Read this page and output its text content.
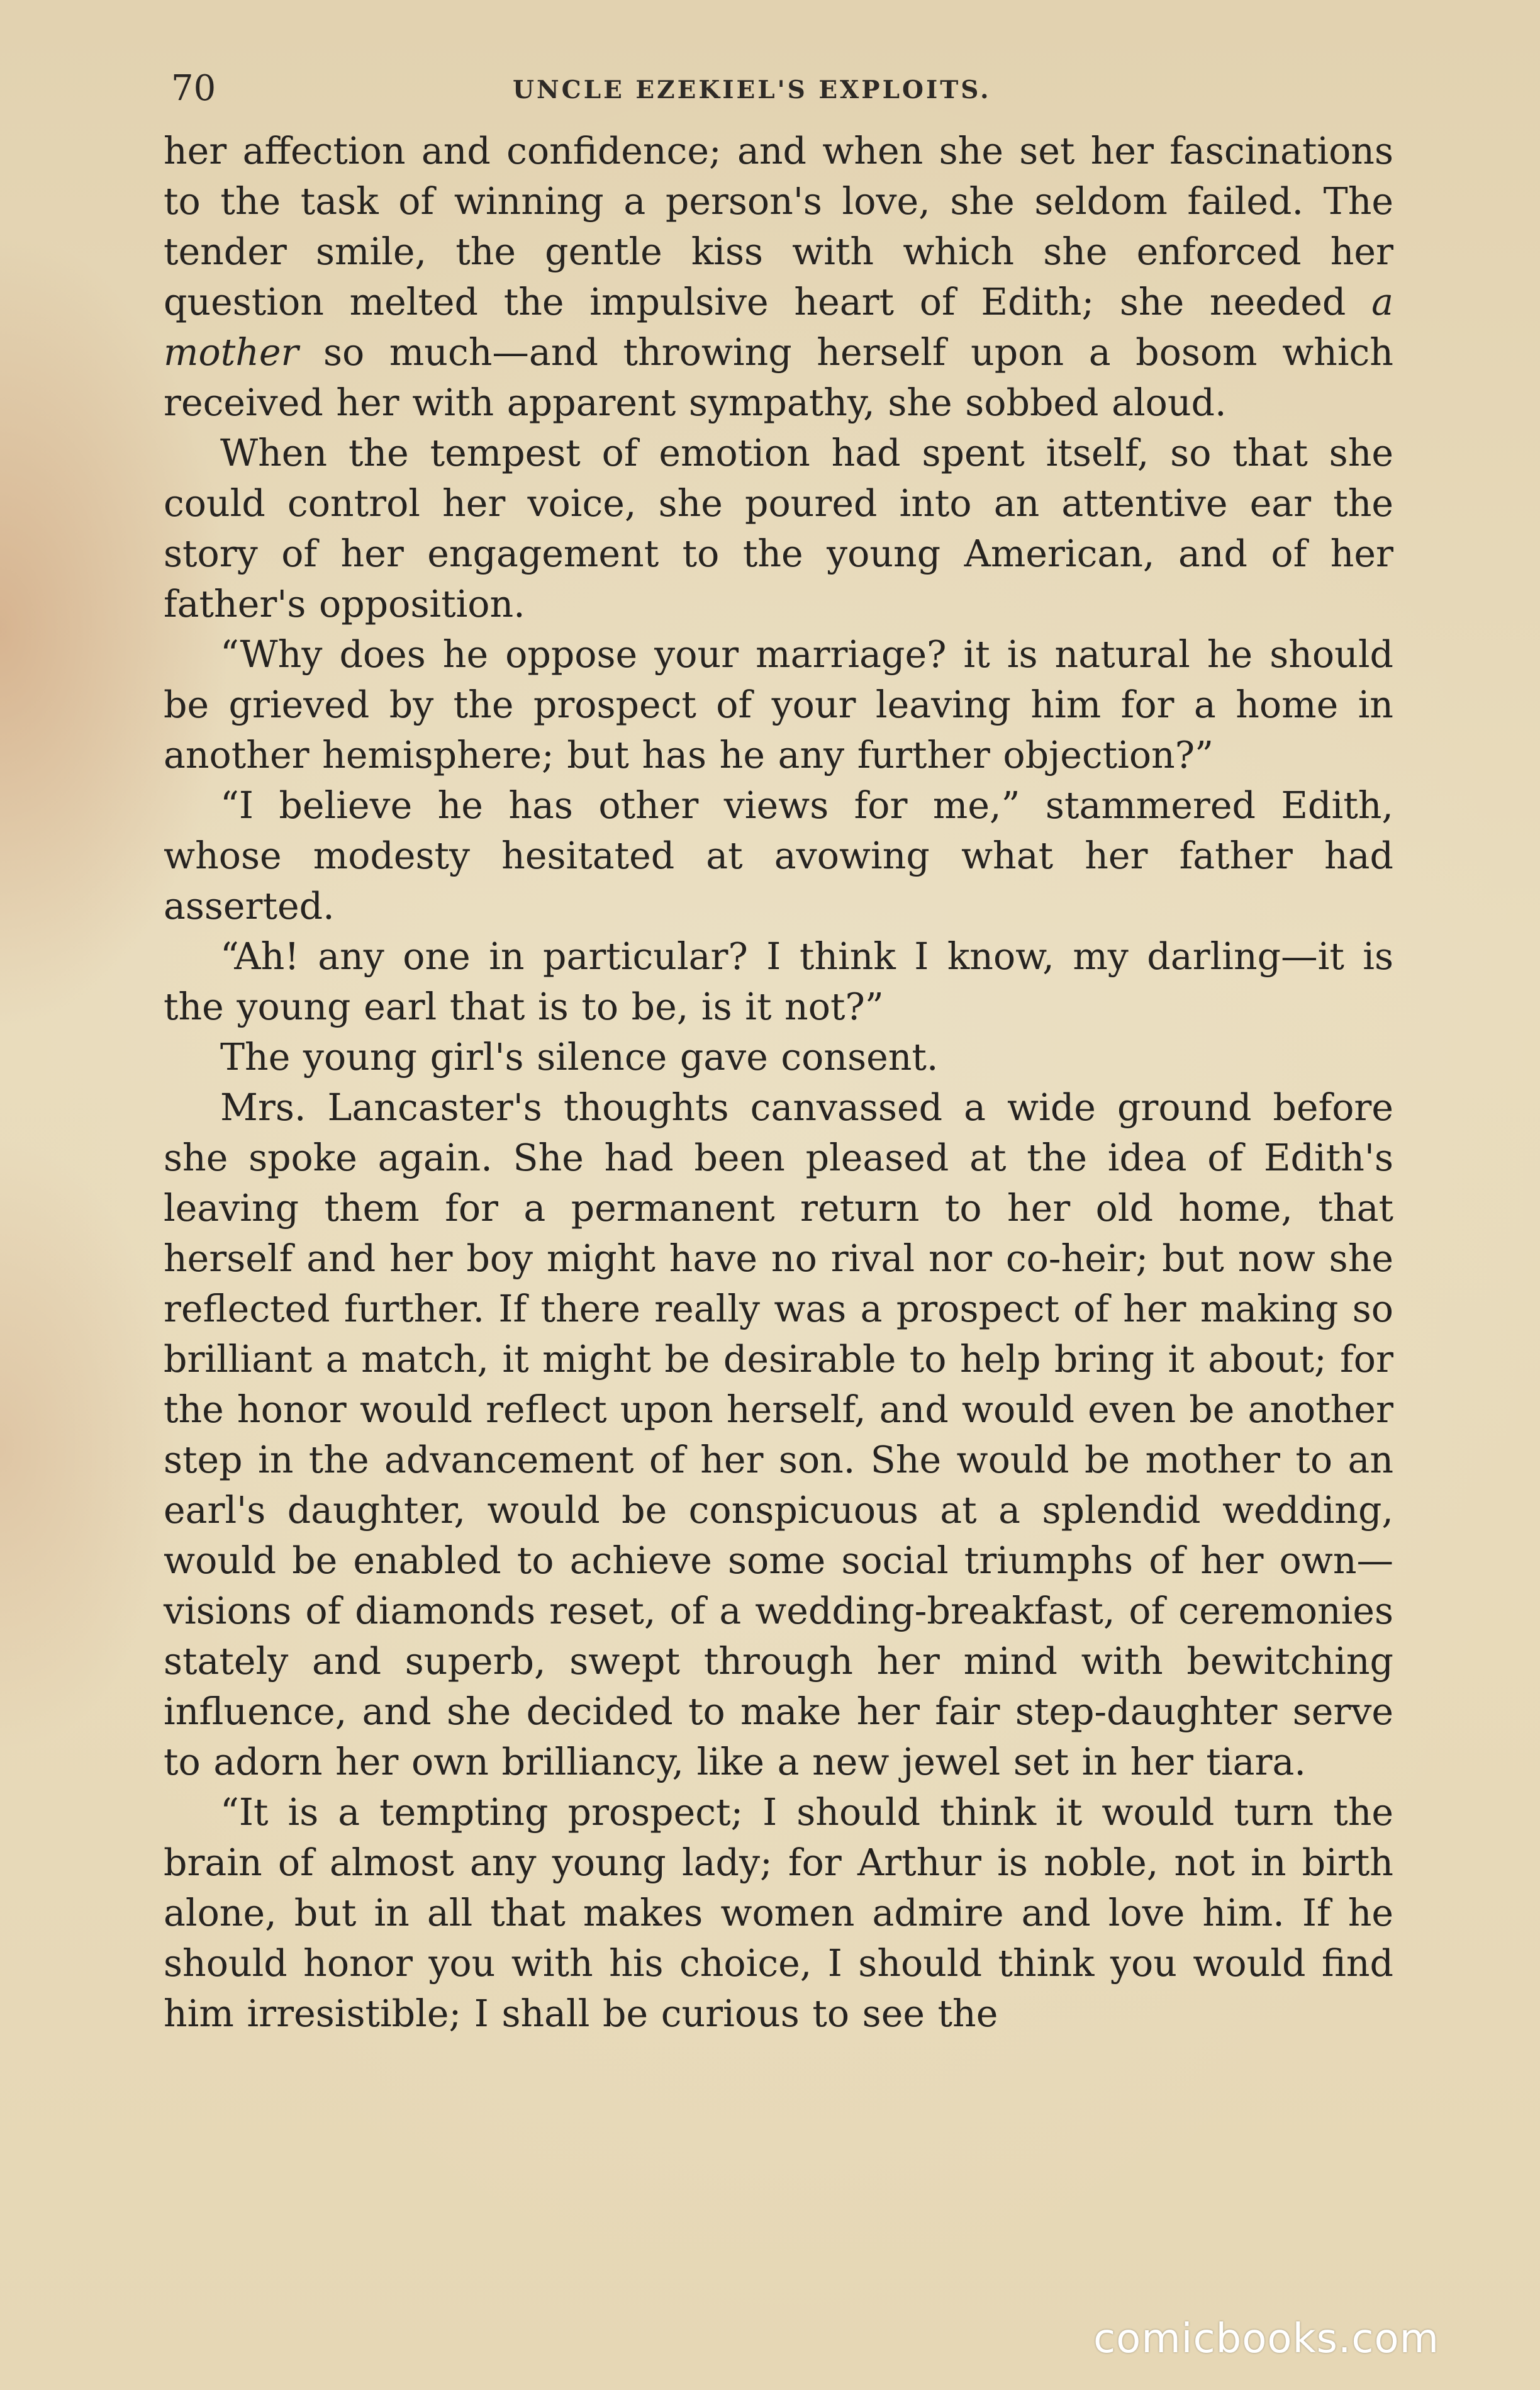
70	UNCLE EZEKIEL'S EXPLOITS.

her affection and confidence; and when she set her fascinations to the task of winning a person's love, she seldom failed. The tender smile, the gentle kiss with which she enforced her question melted the impulsive heart of Edith; she needed a mother so much—and throwing herself upon a bosom which received her with apparent sympathy, she sobbed aloud.

When the tempest of emotion had spent itself, so that she could control her voice, she poured into an attentive ear the story of her engagement to the young American, and of her father's opposition.

“Why does he oppose your marriage? it is natural he should be grieved by the prospect of your leaving him for a home in another hemisphere; but has he any further objection?”

“I believe he has other views for me,” stammered Edith, whose modesty hesitated at avowing what her father had asserted.

“Ah! any one in particular? I think I know, my darling—it is the young earl that is to be, is it not?”

The young girl's silence gave consent.

Mrs. Lancaster's thoughts canvassed a wide ground before she spoke again. She had been pleased at the idea of Edith's leaving them for a permanent return to her old home, that herself and her boy might have no rival nor co-heir; but now she reflected further. If there really was a prospect of her making so brilliant a match, it might be desirable to help bring it about; for the honor would reflect upon herself, and would even be another step in the advancement of her son. She would be mother to an earl's daughter, would be conspicuous at a splendid wedding, would be enabled to achieve some social triumphs of her own—visions of diamonds reset, of a wedding-breakfast, of ceremonies stately and superb, swept through her mind with bewitching influence, and she decided to make her fair step-daughter serve to adorn her own brilliancy, like a new jewel set in her tiara.

“It is a tempting prospect; I should think it would turn the brain of almost any young lady; for Arthur is noble, not in birth alone, but in all that makes women admire and love him. If he should honor you with his choice, I should think you would find him irresistible; I shall be curious to see the

comicbooks.com
